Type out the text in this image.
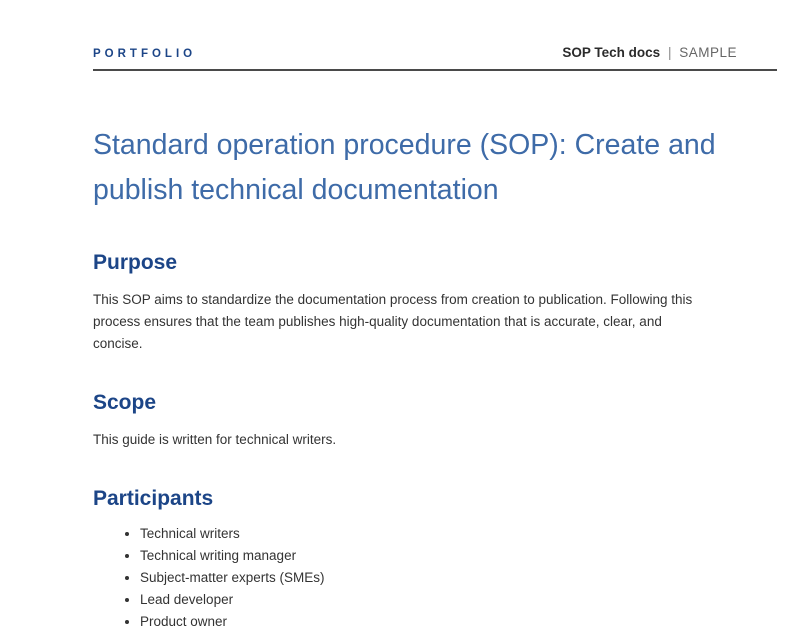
PORTFOLIO	SOP Tech docs | SAMPLE
Standard operation procedure (SOP): Create and publish technical documentation
Purpose

This SOP aims to standardize the documentation process from creation to publication. Following this process ensures that the team publishes high-quality documentation that is accurate, clear, and concise.

Scope

This guide is written for technical writers.

Participants
• Technical writers
• Technical writing manager
• Subject-matter experts (SMEs)
• Lead developer
• Product owner
